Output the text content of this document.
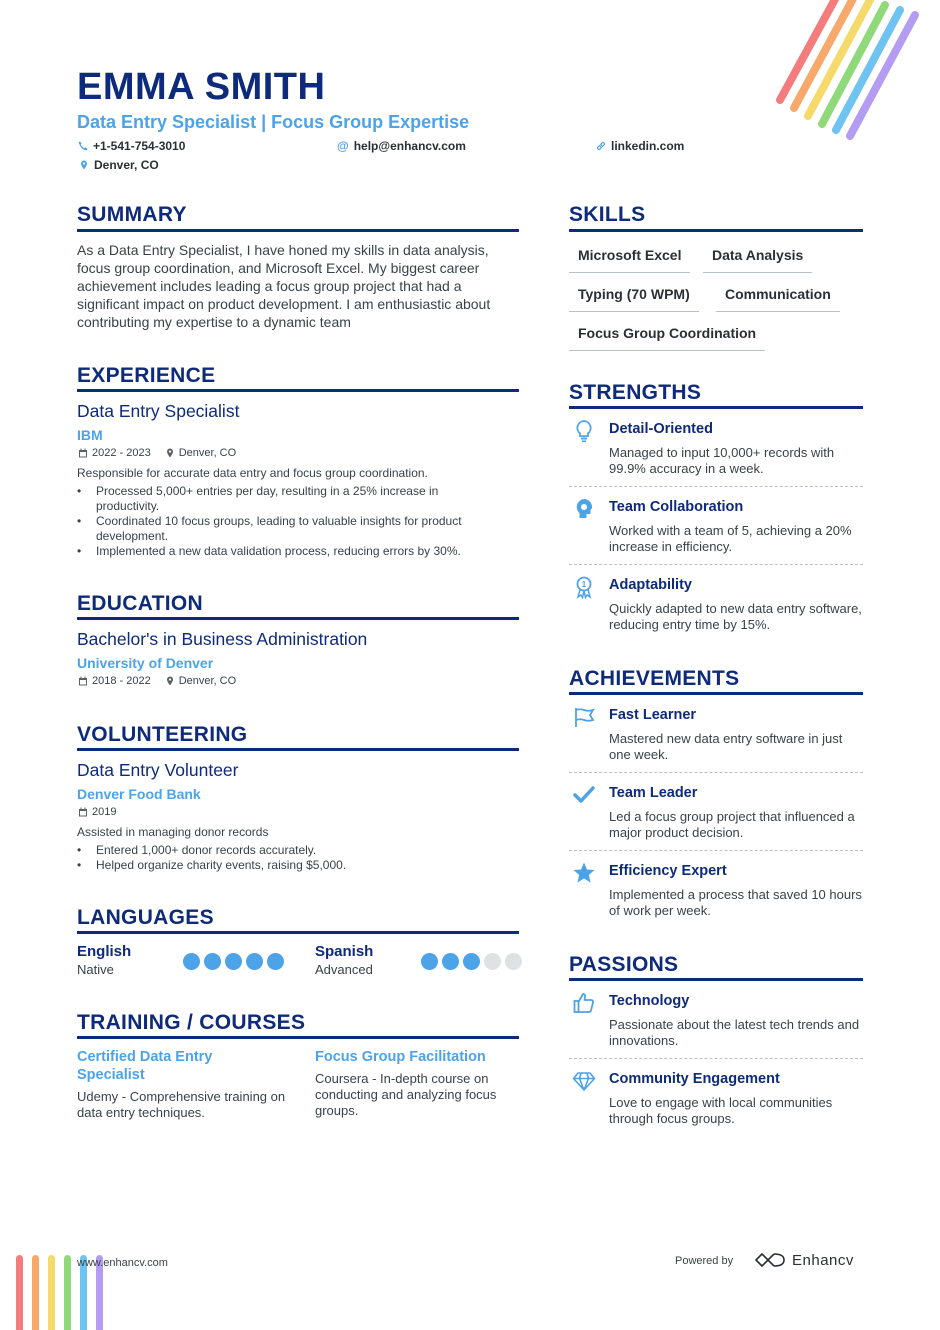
EMMA SMITH
Data Entry Specialist | Focus Group Expertise
+1-541-754-3010	@ help@enhancv.com	linkedin.com
Denver, CO
SUMMARY
As a Data Entry Specialist, I have honed my skills in data analysis, focus group coordination, and Microsoft Excel. My biggest career achievement includes leading a focus group project that had a significant impact on product development. I am enthusiastic about contributing my expertise to a dynamic team
EXPERIENCE
Data Entry Specialist
IBM
2022 - 2023	Denver, CO
Responsible for accurate data entry and focus group coordination.
• Processed 5,000+ entries per day, resulting in a 25% increase in productivity.
• Coordinated 10 focus groups, leading to valuable insights for product development.
• Implemented a new data validation process, reducing errors by 30%.
EDUCATION
Bachelor's in Business Administration
University of Denver
2018 - 2022	Denver, CO
VOLUNTEERING
Data Entry Volunteer
Denver Food Bank
2019
Assisted in managing donor records
• Entered 1,000+ donor records accurately.
• Helped organize charity events, raising $5,000.
LANGUAGES
English
Native
Spanish
Advanced
TRAINING / COURSES
Certified Data Entry Specialist
Udemy - Comprehensive training on data entry techniques.
Focus Group Facilitation
Coursera - In-depth course on conducting and analyzing focus groups.
SKILLS
Microsoft Excel	Data Analysis
Typing (70 WPM)	Communication
Focus Group Coordination
STRENGTHS
Detail-Oriented
Managed to input 10,000+ records with 99.9% accuracy in a week.
Team Collaboration
Worked with a team of 5, achieving a 20% increase in efficiency.
1 Adaptability
Quickly adapted to new data entry software, reducing entry time by 15%.
ACHIEVEMENTS
Fast Learner
Mastered new data entry software in just one week.
Team Leader
Led a focus group project that influenced a major product decision.
Efficiency Expert
Implemented a process that saved 10 hours of work per week.
PASSIONS
Technology
Passionate about the latest tech trends and innovations.
Community Engagement
Love to engage with local communities through focus groups.
www.enhancv.com	Powered by	Enhancv
